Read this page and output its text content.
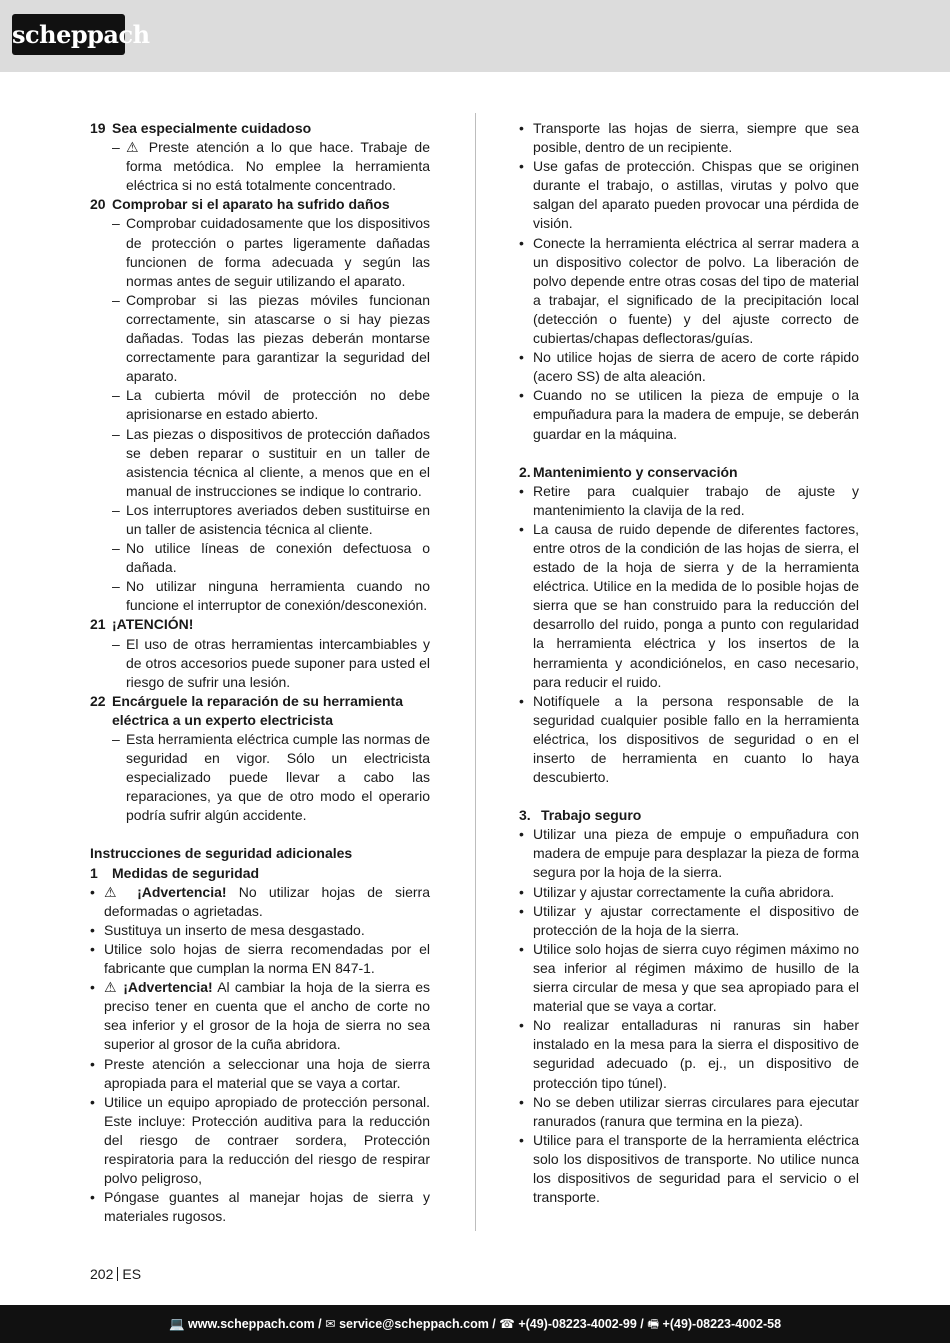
scheppach
19 Sea especialmente cuidadoso
– ⚠ Preste atención a lo que hace. Trabaje de forma metódica. No emplee la herramienta eléctrica si no está totalmente concentrado.
20 Comprobar si el aparato ha sufrido daños
– Comprobar cuidadosamente que los dispositivos de protección o partes ligeramente dañadas funcionen de forma adecuada y según las normas antes de seguir utilizando el aparato.
– Comprobar si las piezas móviles funcionan correctamente, sin atascarse o si hay piezas dañadas. Todas las piezas deberán montarse correctamente para garantizar la seguridad del aparato.
– La cubierta móvil de protección no debe aprisionarse en estado abierto.
– Las piezas o dispositivos de protección dañados se deben reparar o sustituir en un taller de asistencia técnica al cliente, a menos que en el manual de instrucciones se indique lo contrario.
– Los interruptores averiados deben sustituirse en un taller de asistencia técnica al cliente.
– No utilice líneas de conexión defectuosa o dañada.
– No utilizar ninguna herramienta cuando no funcione el interruptor de conexión/desconexión.
21 ¡ATENCIÓN!
– El uso de otras herramientas intercambiables y de otros accesorios puede suponer para usted el riesgo de sufrir una lesión.
22 Encárguele la reparación de su herramienta eléctrica a un experto electricista
– Esta herramienta eléctrica cumple las normas de seguridad en vigor. Sólo un electricista especializado puede llevar a cabo las reparaciones, ya que de otro modo el operario podría sufrir algún accidente.
Instrucciones de seguridad adicionales
1	Medidas de seguridad
• ⚠ ¡Advertencia! No utilizar hojas de sierra deformadas o agrietadas.
• Sustituya un inserto de mesa desgastado.
• Utilice solo hojas de sierra recomendadas por el fabricante que cumplan la norma EN 847-1.
• ⚠ ¡Advertencia! Al cambiar la hoja de la sierra es preciso tener en cuenta que el ancho de corte no sea inferior y el grosor de la hoja de sierra no sea superior al grosor de la cuña abridora.
• Preste atención a seleccionar una hoja de sierra apropiada para el material que se vaya a cortar.
• Utilice un equipo apropiado de protección personal. Este incluye: Protección auditiva para la reducción del riesgo de contraer sordera, Protección respiratoria para la reducción del riesgo de respirar polvo peligroso,
• Póngase guantes al manejar hojas de sierra y materiales rugosos.
• Transporte las hojas de sierra, siempre que sea posible, dentro de un recipiente.
• Use gafas de protección. Chispas que se originen durante el trabajo, o astillas, virutas y polvo que salgan del aparato pueden provocar una pérdida de visión.
• Conecte la herramienta eléctrica al serrar madera a un dispositivo colector de polvo. La liberación de polvo depende entre otras cosas del tipo de material a trabajar, el significado de la precipitación local (detección o fuente) y del ajuste correcto de cubiertas/chapas deflectoras/guías.
• No utilice hojas de sierra de acero de corte rápido (acero SS) de alta aleación.
• Cuando no se utilicen la pieza de empuje o la empuñadura para la madera de empuje, se deberán guardar en la máquina.
2. Mantenimiento y conservación
• Retire para cualquier trabajo de ajuste y mantenimiento la clavija de la red.
• La causa de ruido depende de diferentes factores, entre otros de la condición de las hojas de sierra, el estado de la hoja de sierra y de la herramienta eléctrica. Utilice en la medida de lo posible hojas de sierra que se han construido para la reducción del desarrollo del ruido, ponga a punto con regularidad la herramienta eléctrica y los insertos de la herramienta y acondiciónelos, en caso necesario, para reducir el ruido.
• Notifíquele a la persona responsable de la seguridad cualquier posible fallo en la herramienta eléctrica, los dispositivos de seguridad o en el inserto de herramienta en cuanto lo haya descubierto.
3. Trabajo seguro
• Utilizar una pieza de empuje o empuñadura con madera de empuje para desplazar la pieza de forma segura por la hoja de la sierra.
• Utilizar y ajustar correctamente la cuña abridora.
• Utilizar y ajustar correctamente el dispositivo de protección de la hoja de la sierra.
• Utilice solo hojas de sierra cuyo régimen máximo no sea inferior al régimen máximo de husillo de la sierra circular de mesa y que sea apropiado para el material que se vaya a cortar.
• No realizar entalladuras ni ranuras sin haber instalado en la mesa para la sierra el dispositivo de seguridad adecuado (p. ej., un dispositivo de protección tipo túnel).
• No se deben utilizar sierras circulares para ejecutar ranurados (ranura que termina en la pieza).
• Utilice para el transporte de la herramienta eléctrica solo los dispositivos de transporte. No utilice nunca los dispositivos de seguridad para el servicio o el transporte.
202 ES
💻 www.scheppach.com / ✉ service@scheppach.com / ☎ +(49)-08223-4002-99 / 🖷 +(49)-08223-4002-58
